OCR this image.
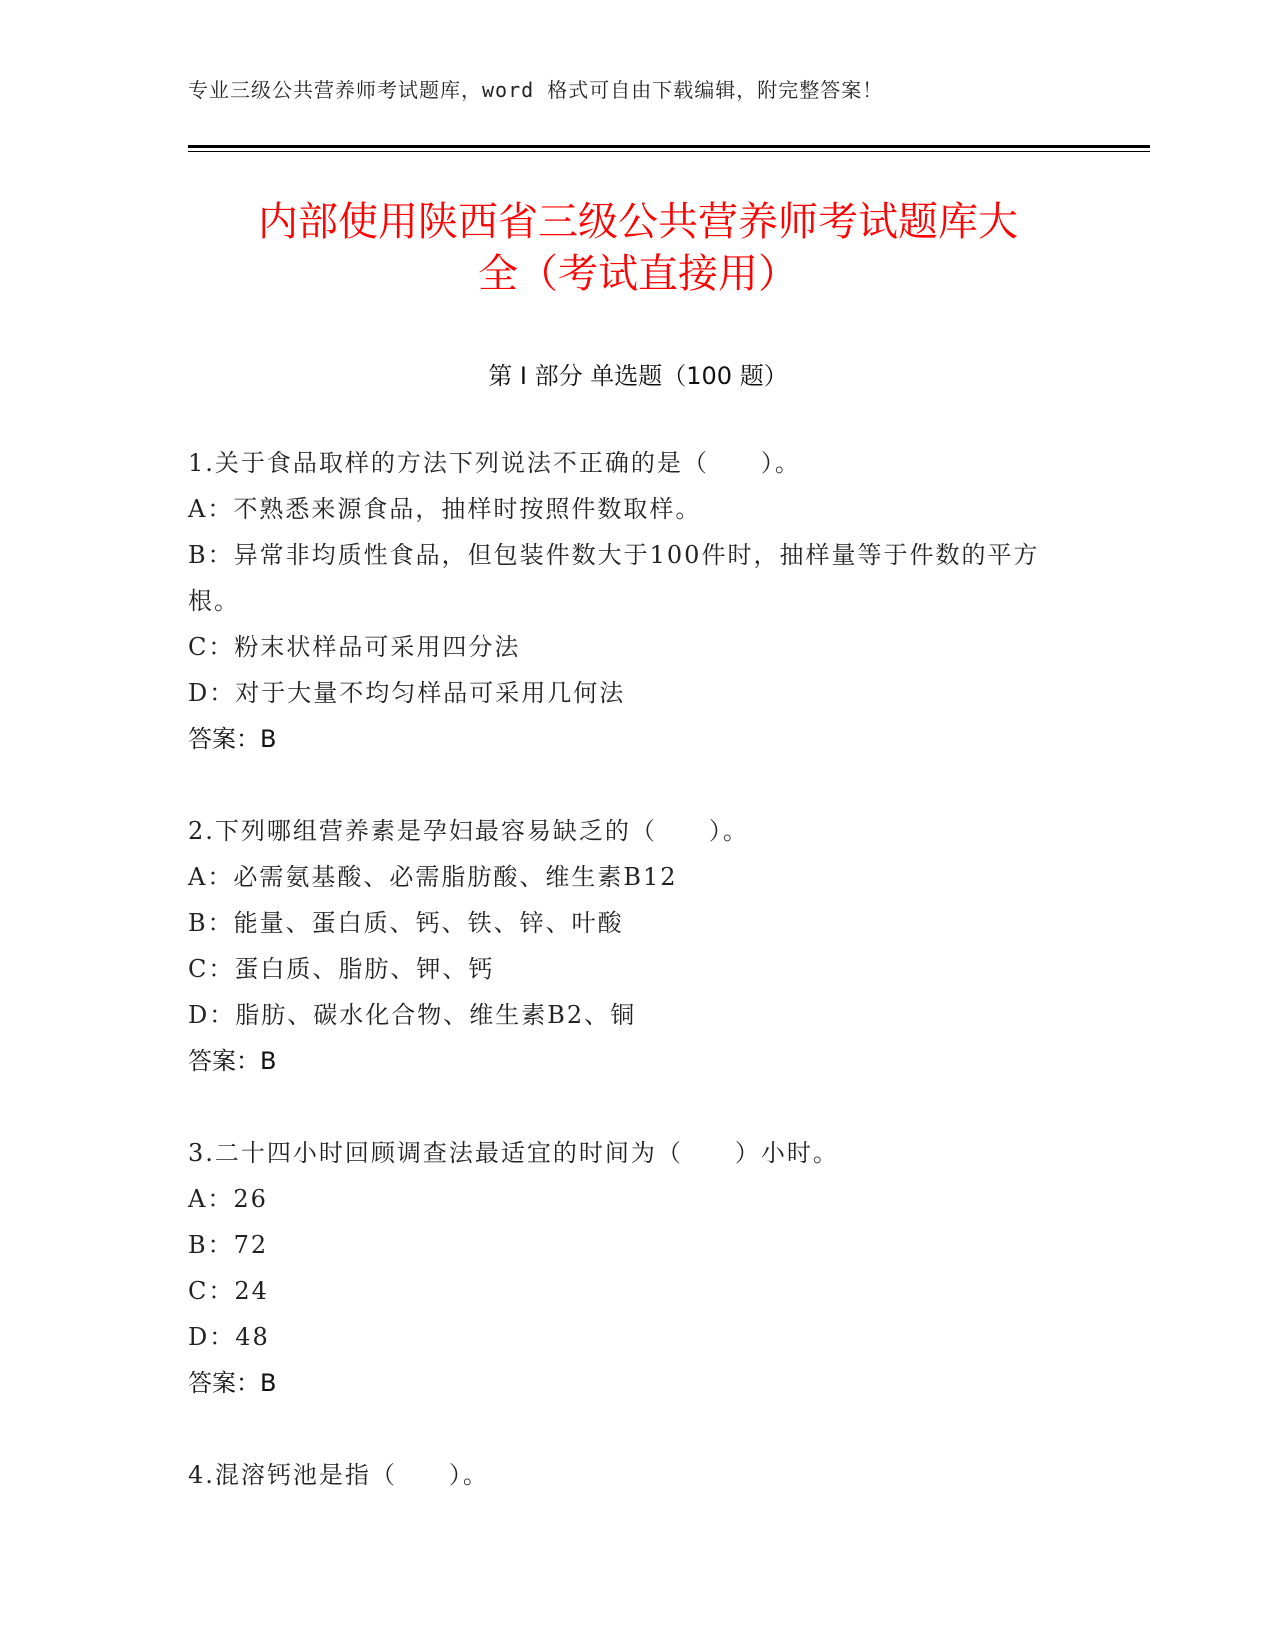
专业三级公共营养师考试题库，word 格式可自由下载编辑，附完整答案！
内部使用陕西省三级公共营养师考试题库大
全（考试直接用）
第 I 部分 单选题（100 题）
1.关于食品取样的方法下列说法不正确的是（　　）。
A：不熟悉来源食品，抽样时按照件数取样。
B：异常非均质性食品，但包装件数大于100件时，抽样量等于件数的平方根。
C：粉末状样品可采用四分法
D：对于大量不均匀样品可采用几何法
答案：B
2.下列哪组营养素是孕妇最容易缺乏的（　　）。
A：必需氨基酸、必需脂肪酸、维生素B12
B：能量、蛋白质、钙、铁、锌、叶酸
C：蛋白质、脂肪、钾、钙
D：脂肪、碳水化合物、维生素B2、铜
答案：B
3.二十四小时回顾调查法最适宜的时间为（　　）小时。
A：26
B：72
C：24
D：48
答案：B
4.混溶钙池是指（　　）。
